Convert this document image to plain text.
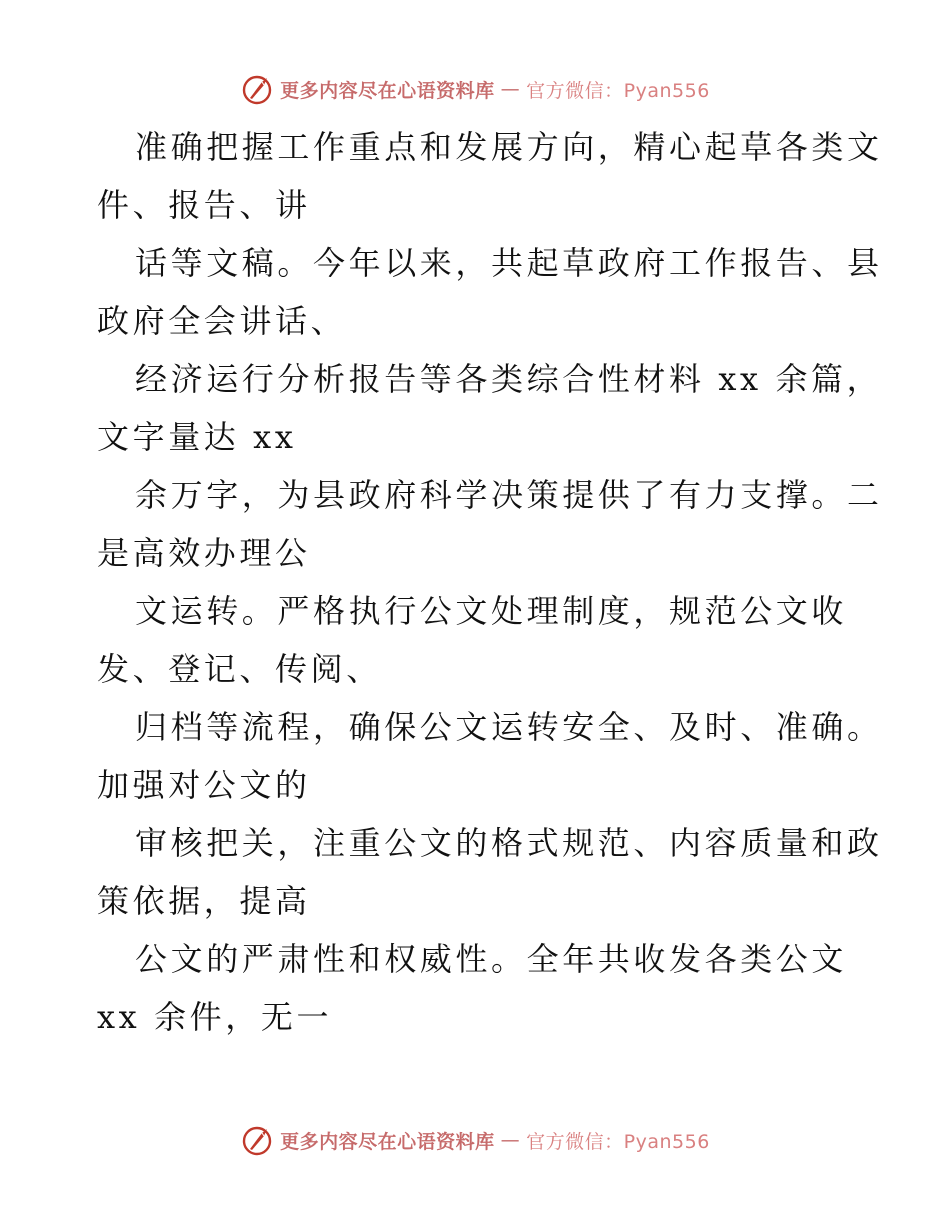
更多内容尽在心语资料库 — 官方微信：Pyan556
准确把握工作重点和发展方向，精心起草各类文
件、报告、讲
话等文稿。今年以来，共起草政府工作报告、县
政府全会讲话、
经济运行分析报告等各类综合性材料 xx 余篇，
文字量达 xx
余万字，为县政府科学决策提供了有力支撑。二
是高效办理公
文运转。严格执行公文处理制度，规范公文收
发、登记、传阅、
归档等流程，确保公文运转安全、及时、准确。
加强对公文的
审核把关，注重公文的格式规范、内容质量和政
策依据，提高
公文的严肃性和权威性。全年共收发各类公文
xx 余件，无一
更多内容尽在心语资料库 — 官方微信：Pyan556
